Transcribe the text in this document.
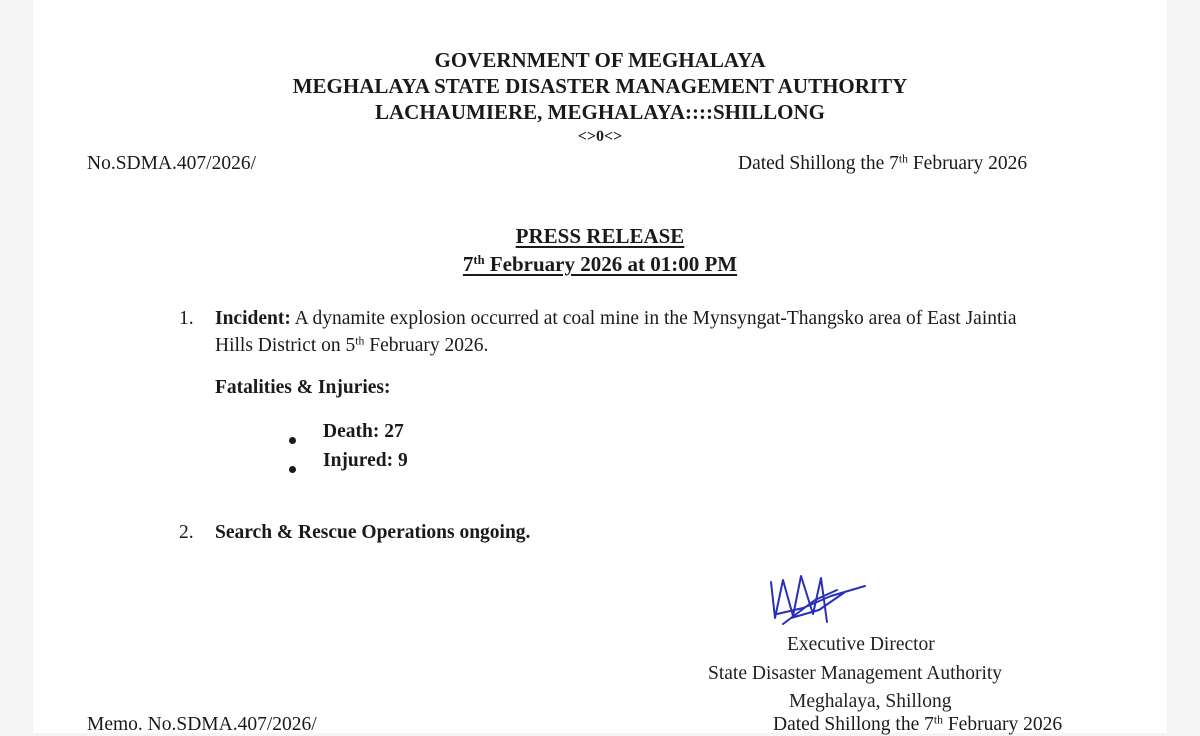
GOVERNMENT OF MEGHALAYA
MEGHALAYA STATE DISASTER MANAGEMENT AUTHORITY
LACHAUMIERE, MEGHALAYA::::SHILLONG
<>0<>
No.SDMA.407/2026/	Dated Shillong the 7th February 2026
PRESS RELEASE
7th February 2026 at 01:00 PM
1. Incident: A dynamite explosion occurred at coal mine in the Mynsyngat-Thangsko area of East Jaintia
Hills District on 5th February 2026.
Fatalities & Injuries:
Death: 27
Injured: 9
2. Search & Rescue Operations ongoing.
Executive Director
State Disaster Management Authority
Meghalaya, Shillong
Memo. No.SDMA.407/2026/	Dated Shillong the 7th February 2026
